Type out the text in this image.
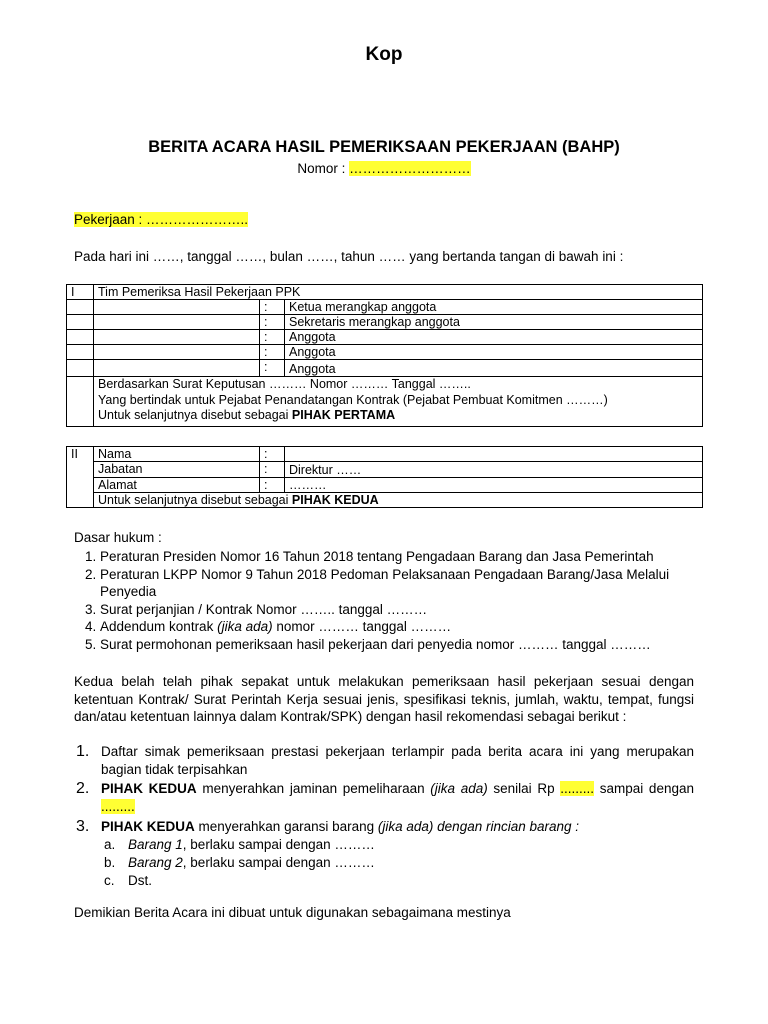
Kop
BERITA ACARA HASIL PEMERIKSAAN PEKERJAAN (BAHP)
Nomor : ………………………
Pekerjaan : …………………..
Pada hari ini ……, tanggal ……, bulan ……, tahun …… yang bertanda tangan di bawah ini :
I	Tim Pemeriksa Hasil Pekerjaan PPK		
		:	Ketua merangkap anggota
		:	Sekretaris merangkap anggota
		:	Anggota
		:	Anggota
		:	Anggota

	Berdasarkan Surat Keputusan ……… Nomor ……… Tanggal ……..
Yang bertindak untuk Pejabat Penandatangan Kontrak (Pejabat Pembuat Komitmen ………)
Untuk selanjutnya disebut sebagai PIHAK PERTAMA		
II	Nama	:	
	Jabatan	:	Direktur ……
	Alamat	:	………
	Untuk selanjutnya disebut sebagai PIHAK KEDUA		
Dasar hukum :
1. Peraturan Presiden Nomor 16 Tahun 2018 tentang Pengadaan Barang dan Jasa Pemerintah
2. Peraturan LKPP Nomor 9 Tahun 2018 Pedoman Pelaksanaan Pengadaan Barang/Jasa Melalui Penyedia
3. Surat perjanjian / Kontrak Nomor …….. tanggal ………
4. Addendum kontrak (jika ada) nomor ……… tanggal ………
5. Surat permohonan pemeriksaan hasil pekerjaan dari penyedia nomor ……… tanggal ………
Kedua belah telah pihak sepakat untuk melakukan pemeriksaan hasil pekerjaan sesuai dengan ketentuan Kontrak/ Surat Perintah Kerja sesuai jenis, spesifikasi teknis, jumlah, waktu, tempat, fungsi dan/atau ketentuan lainnya dalam Kontrak/SPK) dengan hasil rekomendasi sebagai berikut :
1. Daftar simak pemeriksaan prestasi pekerjaan terlampir pada berita acara ini yang merupakan bagian tidak terpisahkan
2. PIHAK KEDUA menyerahkan jaminan pemeliharaan (jika ada) senilai Rp ......... sampai dengan .........
3. PIHAK KEDUA menyerahkan garansi barang (jika ada) dengan rincian barang :
a. Barang 1, berlaku sampai dengan ………
b. Barang 2, berlaku sampai dengan ………
c. Dst.
Demikian Berita Acara ini dibuat untuk digunakan sebagaimana mestinya
